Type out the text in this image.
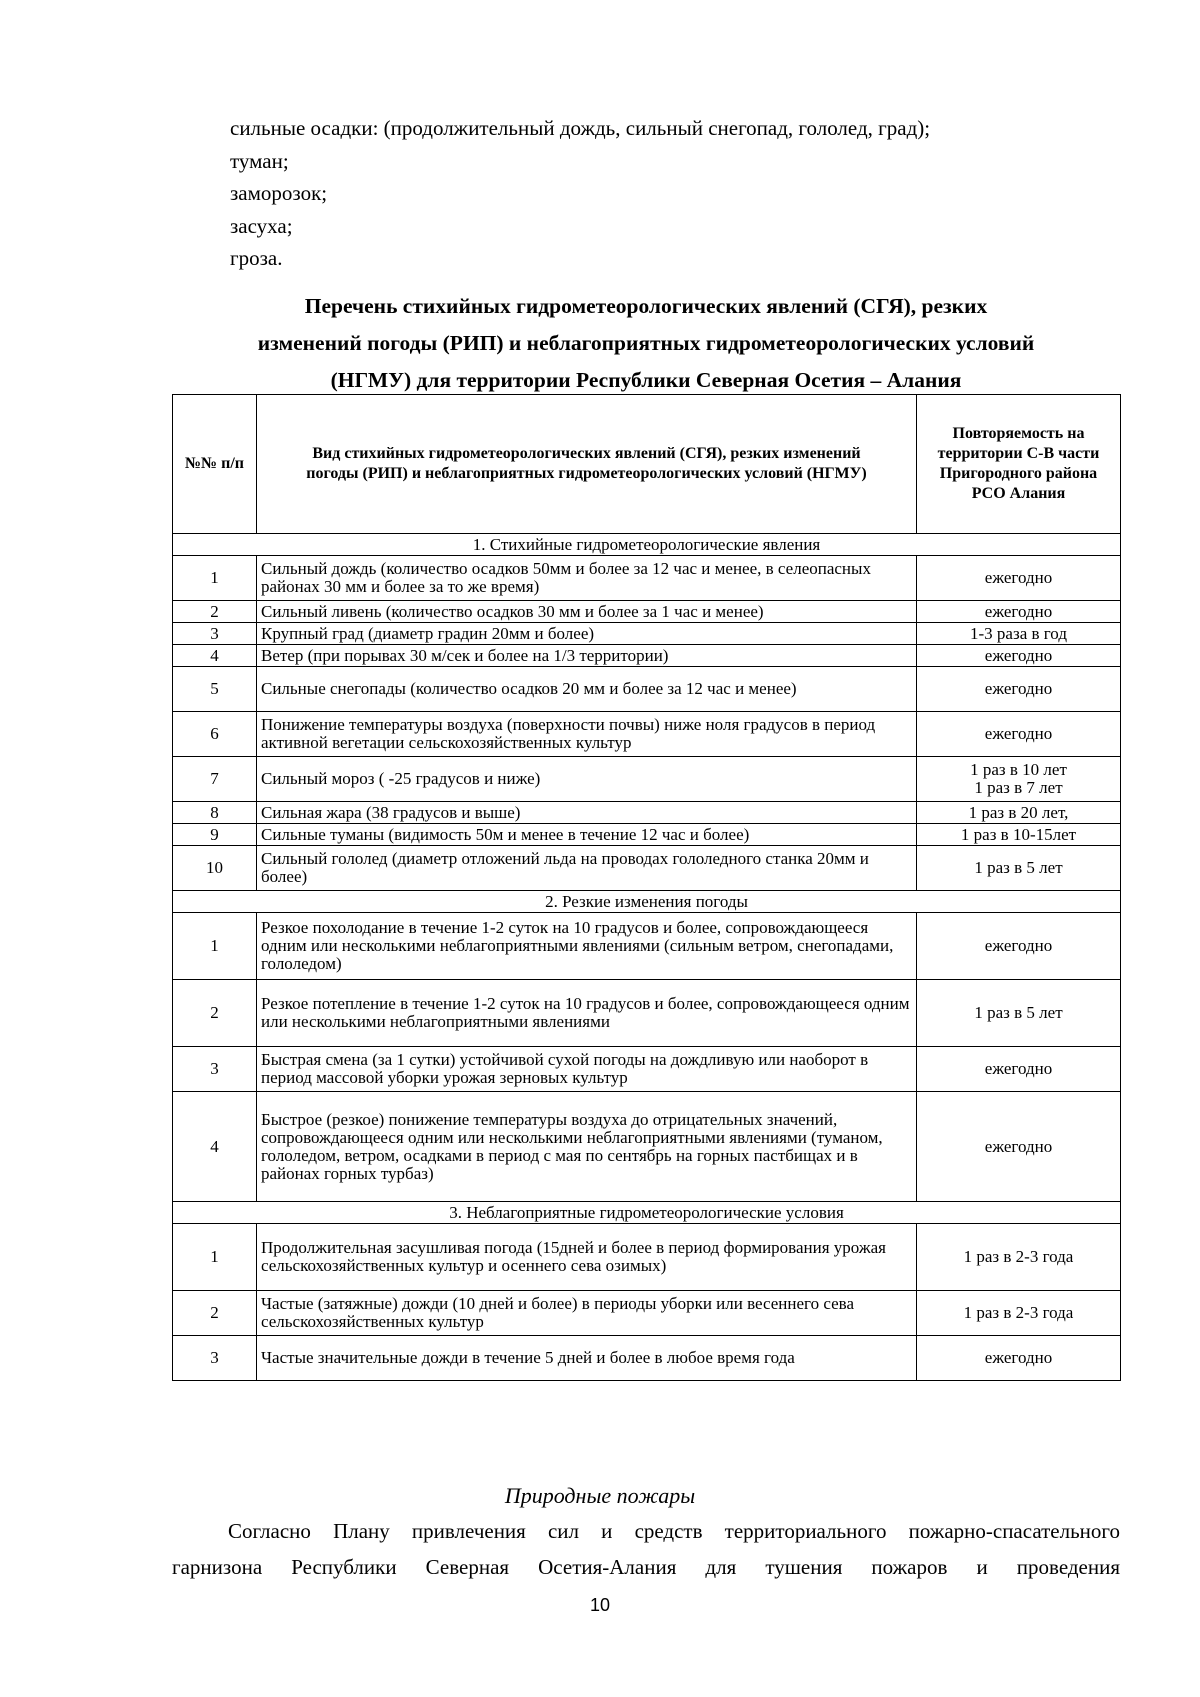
сильные осадки: (продолжительный дождь, сильный снегопад, гололед, град);
туман;
заморозок;
засуха;
гроза.
Перечень стихийных гидрометеорологических явлений (СГЯ), резких
изменений погоды (РИП) и неблагоприятных гидрометеорологических условий
(НГМУ) для территории Республики Северная Осетия – Алания
№№ п/п	Вид стихийных гидрометеорологических явлений (СГЯ), резких изменений погоды (РИП) и неблагоприятных гидрометеорологических условий (НГМУ)	Повторяемость на территории С-В части Пригородного района РСО Алания
1. Стихийные гидрометеорологические явления		
1	Сильный дождь (количество осадков 50мм и более за 12 час и менее, в селеопасных районах 30 мм и более за то же время)	ежегодно
2	Сильный ливень (количество осадков 30 мм и более за 1 час и менее)	ежегодно
3	Крупный град (диаметр градин 20мм и более)	1-3 раза в год
4	Ветер (при порывах 30 м/сек и более на 1/3 территории)	ежегодно
5	Сильные снегопады (количество осадков 20 мм и более за 12 час и менее)	ежегодно
6	Понижение температуры воздуха (поверхности почвы) ниже ноля градусов в период активной вегетации сельскохозяйственных культур	ежегодно
7	Сильный мороз ( -25 градусов и ниже)	1 раз в 10 лет
1 раз в 7 лет

8	Сильная жара (38 градусов и выше)	1 раз в 20 лет,
9	Сильные туманы (видимость 50м и менее в течение 12 час и более)	1 раз в 10-15лет
10	Сильный гололед (диаметр отложений льда на проводах гололедного станка 20мм и более)	1 раз в 5 лет
2. Резкие изменения погоды		
1	Резкое похолодание в течение 1-2 суток на 10 градусов и более, сопровождающееся одним или несколькими неблагоприятными явлениями (сильным ветром, снегопадами, гололедом)	ежегодно
2	Резкое потепление в течение 1-2 суток на 10 градусов и более, сопровождающееся одним или несколькими неблагоприятными явлениями	1 раз в 5 лет
3	Быстрая смена (за 1 сутки) устойчивой сухой погоды на дождливую или наоборот в период массовой уборки урожая зерновых культур	ежегодно
4	Быстрое (резкое) понижение температуры воздуха до отрицательных значений, сопровождающееся одним или несколькими неблагоприятными явлениями (туманом, гололедом, ветром, осадками в период с мая по сентябрь на горных пастбищах и в районах горных турбаз)	ежегодно
3. Неблагоприятные гидрометеорологические условия		
1	Продолжительная засушливая погода (15дней и более в период формирования урожая сельскохозяйственных культур и осеннего сева озимых)	1 раз в 2-3 года
2	Частые (затяжные) дожди (10 дней и более) в периоды уборки или весеннего сева сельскохозяйственных культур	1 раз в 2-3 года
3	Частые значительные дожди в течение 5 дней и более в любое время года	ежегодно
Природные пожары
Согласно Плану привлечения сил и средств территориального пожарно-спасательного
гарнизона Республики Северная Осетия-Алания для тушения пожаров и проведения
10
